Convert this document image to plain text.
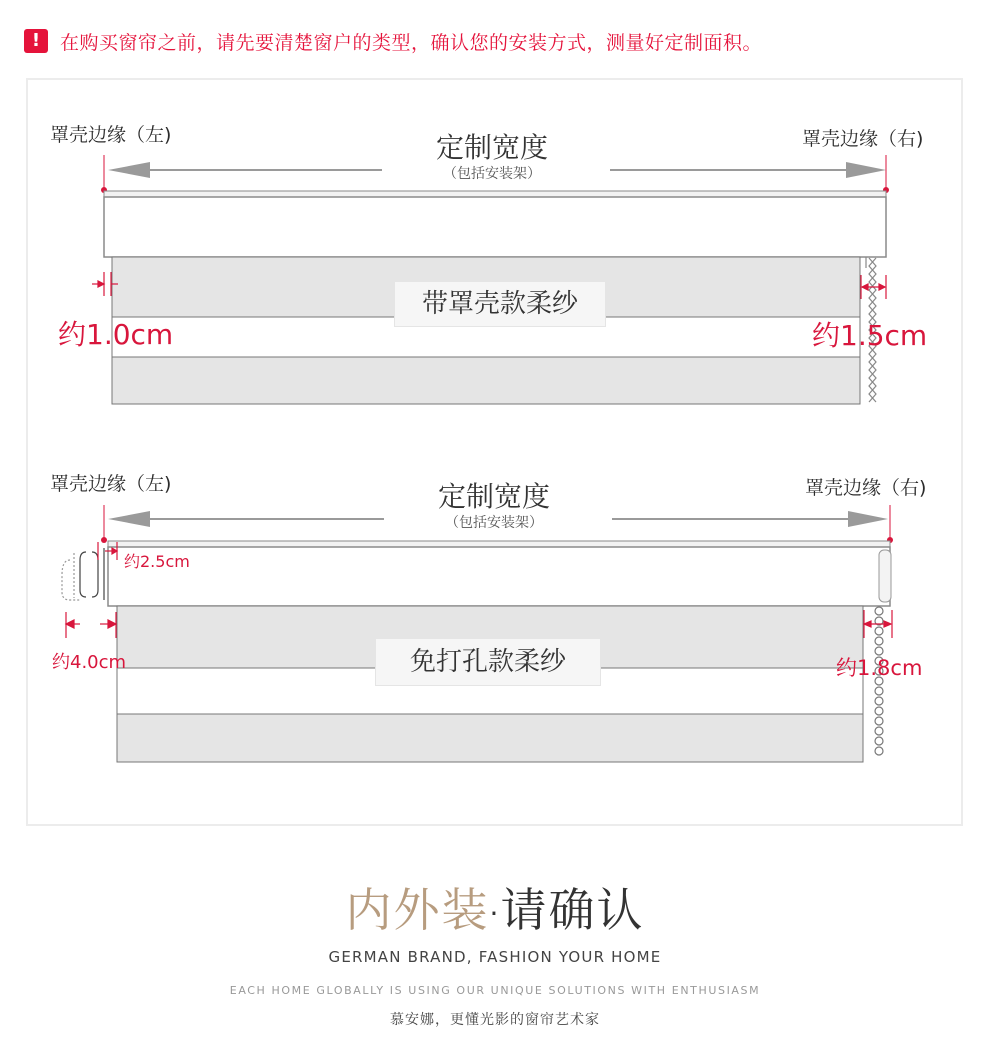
!	在购买窗帘之前，请先要清楚窗户的类型，确认您的安装方式，测量好定制面积。
罩壳边缘（左)	罩壳边缘（右)
定制宽度
（包括安装架）
带罩壳款柔纱
约1.0cm	约1.5cm
罩壳边缘（左)	罩壳边缘（右)
定制宽度
（包括安装架）
免打孔款柔纱
约2.5cm
约4.0cm	约1.8cm
内外装·请确认
GERMAN BRAND, FASHION YOUR HOME
EACH HOME GLOBALLY IS USING OUR UNIQUE SOLUTIONS WITH ENTHUSIASM
慕安娜，更懂光影的窗帘艺术家
